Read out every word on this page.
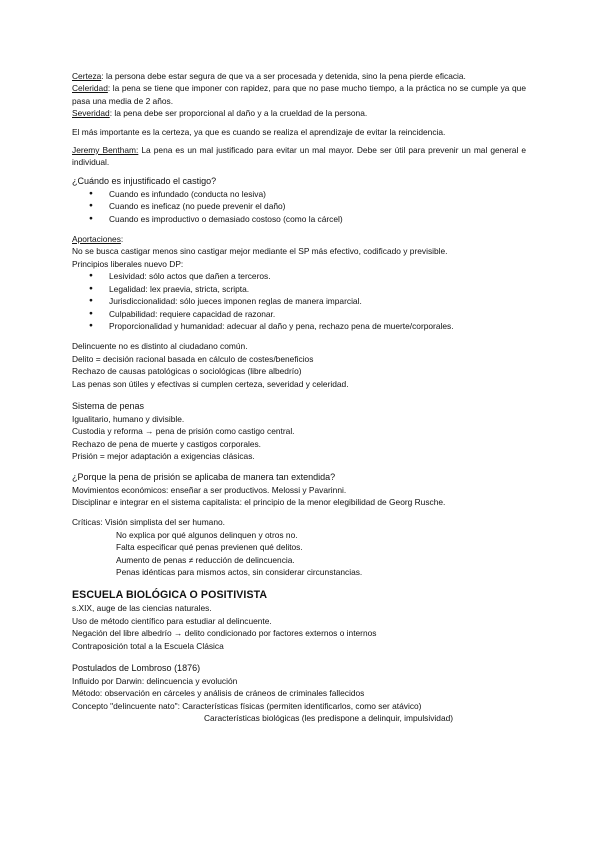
Certeza: la persona debe estar segura de que va a ser procesada y detenida, sino la pena pierde eficacia.

Celeridad: la pena se tiene que imponer con rapidez, para que no pase mucho tiempo, a la práctica no se cumple ya que pasa una media de 2 años.

Severidad: la pena debe ser proporcional al daño y a la crueldad de la persona.

El más importante es la certeza, ya que es cuando se realiza el aprendizaje de evitar la reincidencia.

Jeremy Bentham: La pena es un mal justificado para evitar un mal mayor. Debe ser útil para prevenir un mal general e individual.

¿Cuándo es injustificado el castigo?

● Cuando es infundado (conducta no lesiva)
● Cuando es ineficaz (no puede prevenir el daño)
● Cuando es improductivo o demasiado costoso (como la cárcel)

Aportaciones:

No se busca castigar menos sino castigar mejor mediante el SP más efectivo, codificado y previsible.

Principios liberales nuevo DP:

● Lesividad: sólo actos que dañen a terceros.
● Legalidad: lex praevia, stricta, scripta.
● Jurisdiccionalidad: sólo jueces imponen reglas de manera imparcial.
● Culpabilidad: requiere capacidad de razonar.
● Proporcionalidad y humanidad: adecuar al daño y pena, rechazo pena de muerte/corporales.

Delincuente no es distinto al ciudadano común.

Delito = decisión racional basada en cálculo de costes/beneficios

Rechazo de causas patológicas o sociológicas (libre albedrío)

Las penas son útiles y efectivas si cumplen certeza, severidad y celeridad.

Sistema de penas

Igualitario, humano y divisible.

Custodia y reforma → pena de prisión como castigo central.

Rechazo de pena de muerte y castigos corporales.

Prisión = mejor adaptación a exigencias clásicas.

¿Porque la pena de prisión se aplicaba de manera tan extendida?

Movimientos económicos: enseñar a ser productivos. Melossi y Pavarinni.

Disciplinar e integrar en el sistema capitalista: el principio de la menor elegibilidad de Georg Rusche.

Críticas: Visión simplista del ser humano.

No explica por qué algunos delinquen y otros no.

Falta especificar qué penas previenen qué delitos.

Aumento de penas ≠ reducción de delincuencia.

Penas idénticas para mismos actos, sin considerar circunstancias.

ESCUELA BIOLÓGICA O POSITIVISTA

s.XIX, auge de las ciencias naturales.

Uso de método científico para estudiar al delincuente.

Negación del libre albedrío → delito condicionado por factores externos o internos

Contraposición total a la Escuela Clásica

Postulados de Lombroso (1876)

Influido por Darwin: delincuencia y evolución

Método: observación en cárceles y análisis de cráneos de criminales fallecidos

Concepto "delincuente nato": Características físicas (permiten identificarlos, como ser atávico)

Características biológicas (les predispone a delinquir, impulsividad)
